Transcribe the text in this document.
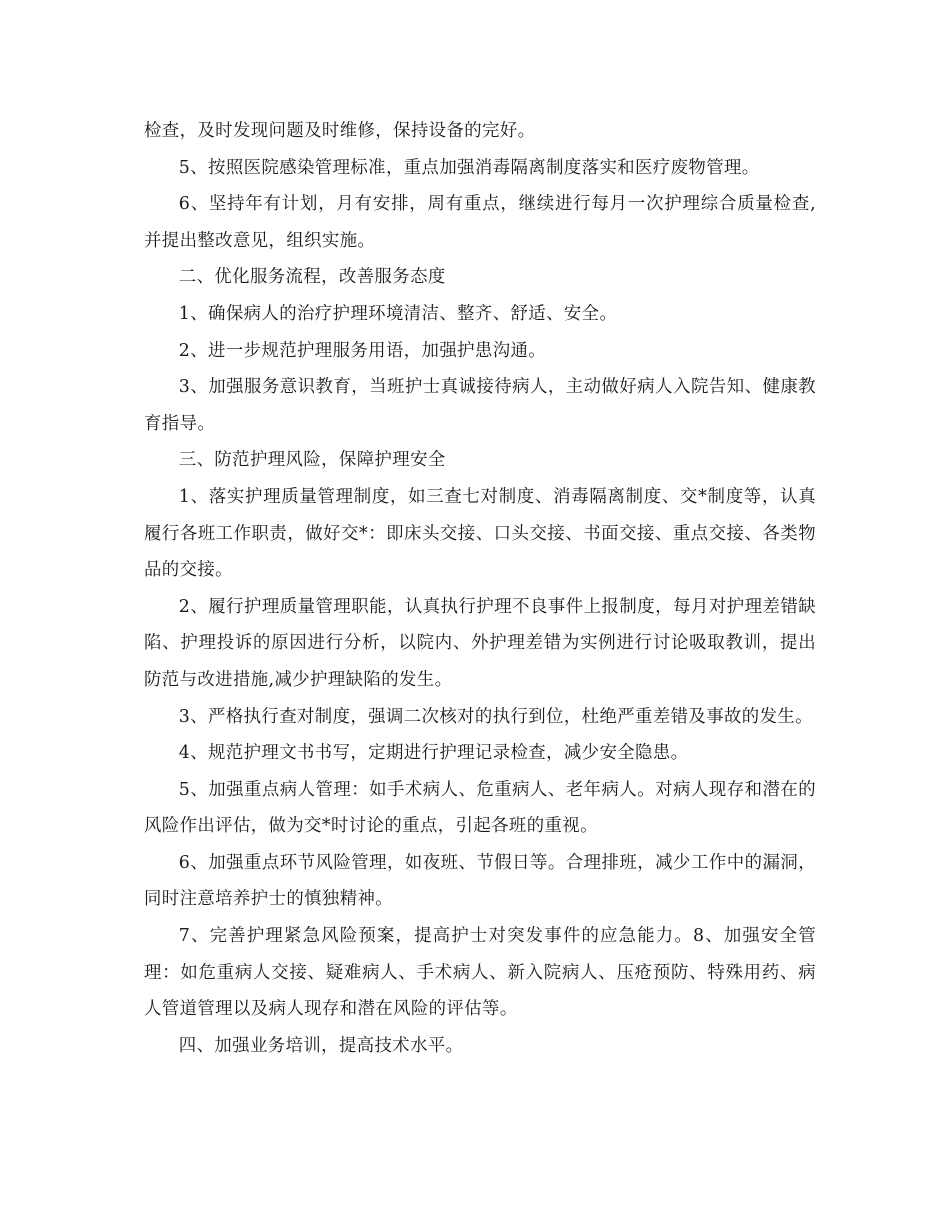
检查，及时发现问题及时维修，保持设备的完好。

5、按照医院感染管理标准，重点加强消毒隔离制度落实和医疗废物管理。

6、坚持年有计划，月有安排，周有重点，继续进行每月一次护理综合质量检查,并提出整改意见，组织实施。

二、优化服务流程，改善服务态度

1、确保病人的治疗护理环境清洁、整齐、舒适、安全。

2、进一步规范护理服务用语，加强护患沟通。

3、加强服务意识教育，当班护士真诚接待病人，主动做好病人入院告知、健康教育指导。

三、防范护理风险，保障护理安全

1、落实护理质量管理制度，如三查七对制度、消毒隔离制度、交*制度等，认真履行各班工作职责，做好交*：即床头交接、口头交接、书面交接、重点交接、各类物品的交接。

2、履行护理质量管理职能，认真执行护理不良事件上报制度，每月对护理差错缺陷、护理投诉的原因进行分析，以院内、外护理差错为实例进行讨论吸取教训，提出防范与改进措施,减少护理缺陷的发生。

3、严格执行查对制度，强调二次核对的执行到位，杜绝严重差错及事故的发生。

4、规范护理文书书写，定期进行护理记录检查，减少安全隐患。

5、加强重点病人管理：如手术病人、危重病人、老年病人。对病人现存和潜在的风险作出评估，做为交*时讨论的重点，引起各班的重视。

6、加强重点环节风险管理，如夜班、节假日等。合理排班，减少工作中的漏洞，同时注意培养护士的慎独精神。

7、完善护理紧急风险预案，提高护士对突发事件的应急能力。8、加强安全管理：如危重病人交接、疑难病人、手术病人、新入院病人、压疮预防、特殊用药、病人管道管理以及病人现存和潜在风险的评估等。

四、加强业务培训，提高技术水平。
